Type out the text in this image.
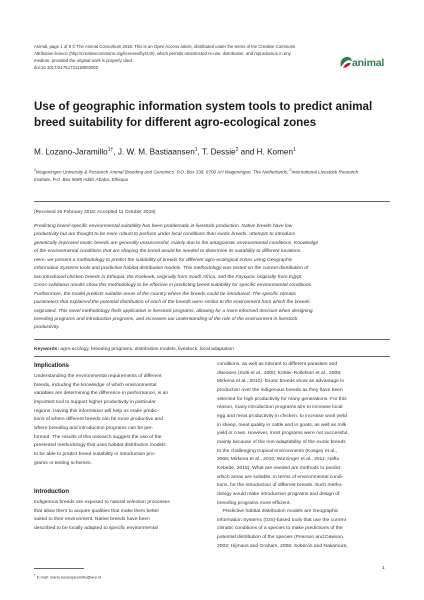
Animal, page 1 of 8 © The Animal Consortium 2018. This is an Open Access article, distributed under the terms of the Creative Commons
Attribution licence (http://creativecommons.org/licenses/by/4.0/), which permits unrestricted re-use, distribution, and reproduction in any
medium, provided the original work is properly cited.
doi:10.1017/S1751731118003002	animal
Use of geographic information system tools to predict animal
breed suitability for different agro-ecological zones
M. Lozano-Jaramillo$^{1\dagger}$, J. W. M. Bastiaansen$^1$, T. Dessie$^2$ and H. Komen$^1$
$^1$Wageningen University & Research Animal Breeding and Genomics, P.O. Box 338, 6700 AH Wageningen, The Netherlands; $^2$International Livestock Research
Institute, P.O. Box 5689 Addis Ababa, Ethiopia
(Received 26 February 2018; Accepted 11 October 2018)
Predicting breed-specific environmental suitability has been problematic in livestock production. Native breeds have low
productivity but are thought to be more robust to perform under local conditions than exotic breeds. Attempts to introduce
genetically improved exotic breeds are generally unsuccessful, mainly due to the antagonistic environmental conditions. Knowledge
of the environmental conditions that are shaping the breed would be needed to determine its suitability to different locations.
Here, we present a methodology to predict the suitability of breeds for different agro-ecological zones using Geographic
Information Systems tools and predictive habitat distribution models. This methodology was tested on the current distribution of
two introduced chicken breeds in Ethiopia: the Koekoek, originally from South Africa, and the Fayoumi, originally from Egypt.
Cross-validation results show this methodology to be effective in predicting breed suitability for specific environmental conditions.
Furthermore, the model predicts suitable areas of the country where the breeds could be introduced. The specific climatic
parameters that explained the potential distribution of each of the breeds were similar to the environment from which the breeds
originated. This novel methodology finds application in livestock programs, allowing for a more informed decision when designing
breeding programs and introduction programs, and increases our understanding of the role of the environment in livestock
productivity.
Keywords: agro-ecology, breeding programs, distribution models, livestock, local adaptation
Implications
Understanding the environmental requirements of different
breeds, including the knowledge of which environmental
variables are determining the difference in performance, is an
important tool to support higher productivity in particular
regions. Having this information will help us make predic-
tions of where different breeds can be more productive and
where breeding and introduction programs can be per-
formed. The results of this research suggest the use of the
presented methodology that uses habitat distribution models
to be able to predict breed suitability in introduction pro-
grams or testing schemes.
Introduction
Indigenous breeds are exposed to natural selection processes
that allow them to acquire qualities that make them better
suited to their environment. Native breeds have been
described to be locally adapted to specific environmental
† E-mail: maria.lozanojaramillo@wur.nl
conditions, as well as tolerant to different parasites and
diseases (Solti et al., 2000; Köhler-Rollefson et al., 2009;
Mirkena et al., 2010). Exotic breeds show an advantage in
production over the indigenous breeds as they have been
selected for high productivity for many generations. For this
reason, many introduction programs aim to increase local
egg and meat productivity in chicken, to increase wool yield
in sheep, meat quality in cattle and in goats, as well as milk
yield in cows. However, most programs were not successful,
mainly because of the non-adaptability of the exotic breeds
to the challenging tropical environments (Kosgey et al.,
2006; Mirkena et al., 2010; Wurzinger et al., 2011; Haftu
Kebede, 2016). What are needed are methods to predict
which areas are suitable, in terms of environmental condi-
tions, for the introduction of different breeds. Such metho-
dology would make introduction programs and design of
breeding programs more efficient.
Predictive habitat distribution models are Geographic
Information Systems (GIS)-based tools that use the current
climatic conditions of a species to make predictions of the
potential distribution of the species (Pearson and Dawson,
2003; Hijmans and Graham, 2006; Soberón and Nakamura,
1
